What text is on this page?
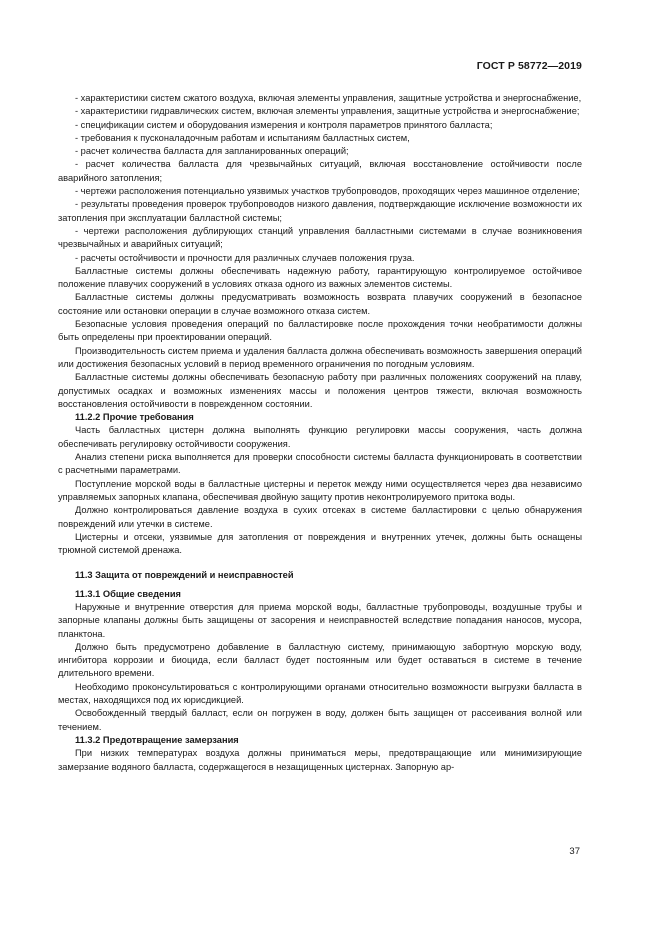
ГОСТ Р 58772—2019

- характеристики систем сжатого воздуха, включая элементы управления, защитные устройства и энергоснабжение,

- характеристики гидравлических систем, включая элементы управления, защитные устройства и энергоснабжение;

- спецификации систем и оборудования измерения и контроля параметров принятого балласта;

- требования к пусконаладочным работам и испытаниям балластных систем,

- расчет количества балласта для запланированных операций;

- расчет количества балласта для чрезвычайных ситуаций, включая восстановление остойчивости после аварийного затопления;

- чертежи расположения потенциально уязвимых участков трубопроводов, проходящих через машинное отделение;

- результаты проведения проверок трубопроводов низкого давления, подтверждающие исключение возможности их затопления при эксплуатации балластной системы;

- чертежи расположения дублирующих станций управления балластными системами в случае возникновения чрезвычайных и аварийных ситуаций;

- расчеты остойчивости и прочности для различных случаев положения груза.

Балластные системы должны обеспечивать надежную работу, гарантирующую контролируемое остойчивое положение плавучих сооружений в условиях отказа одного из важных элементов системы.

Балластные системы должны предусматривать возможность возврата плавучих сооружений в безопасное состояние или остановки операции в случае возможного отказа систем.

Безопасные условия проведения операций по балластировке после прохождения точки необратимости должны быть определены при проектировании операций.

Производительность систем приема и удаления балласта должна обеспечивать возможность завершения операций или достижения безопасных условий в период временного ограничения по погодным условиям.

Балластные системы должны обеспечивать безопасную работу при различных положениях сооружений на плаву, допустимых осадках и возможных изменениях массы и положения центров тяжести, включая возможность восстановления остойчивости в поврежденном состоянии.

11.2.2 Прочие требования

Часть балластных цистерн должна выполнять функцию регулировки массы сооружения, часть должна обеспечивать регулировку остойчивости сооружения.

Анализ степени риска выполняется для проверки способности системы балласта функционировать в соответствии с расчетными параметрами.

Поступление морской воды в балластные цистерны и переток между ними осуществляется через два независимо управляемых запорных клапана, обеспечивая двойную защиту против неконтролируемого притока воды.

Должно контролироваться давление воздуха в сухих отсеках в системе балластировки с целью обнаружения повреждений или утечки в системе.

Цистерны и отсеки, уязвимые для затопления от повреждения и внутренних утечек, должны быть оснащены трюмной системой дренажа.

11.3 Защита от повреждений и неисправностей

11.3.1 Общие сведения

Наружные и внутренние отверстия для приема морской воды, балластные трубопроводы, воздушные трубы и запорные клапаны должны быть защищены от засорения и неисправностей вследствие попадания наносов, мусора, планктона.

Должно быть предусмотрено добавление в балластную систему, принимающую забортную морскую воду, ингибитора коррозии и биоцида, если балласт будет постоянным или будет оставаться в системе в течение длительного времени.

Необходимо проконсультироваться с контролирующими органами относительно возможности выгрузки балласта в местах, находящихся под их юрисдикцией.

Освобожденный твердый балласт, если он погружен в воду, должен быть защищен от рассеивания волной или течением.

11.3.2 Предотвращение замерзания

При низких температурах воздуха должны приниматься меры, предотвращающие или минимизирующие замерзание водяного балласта, содержащегося в незащищенных цистернах. Запорную ар-

37
